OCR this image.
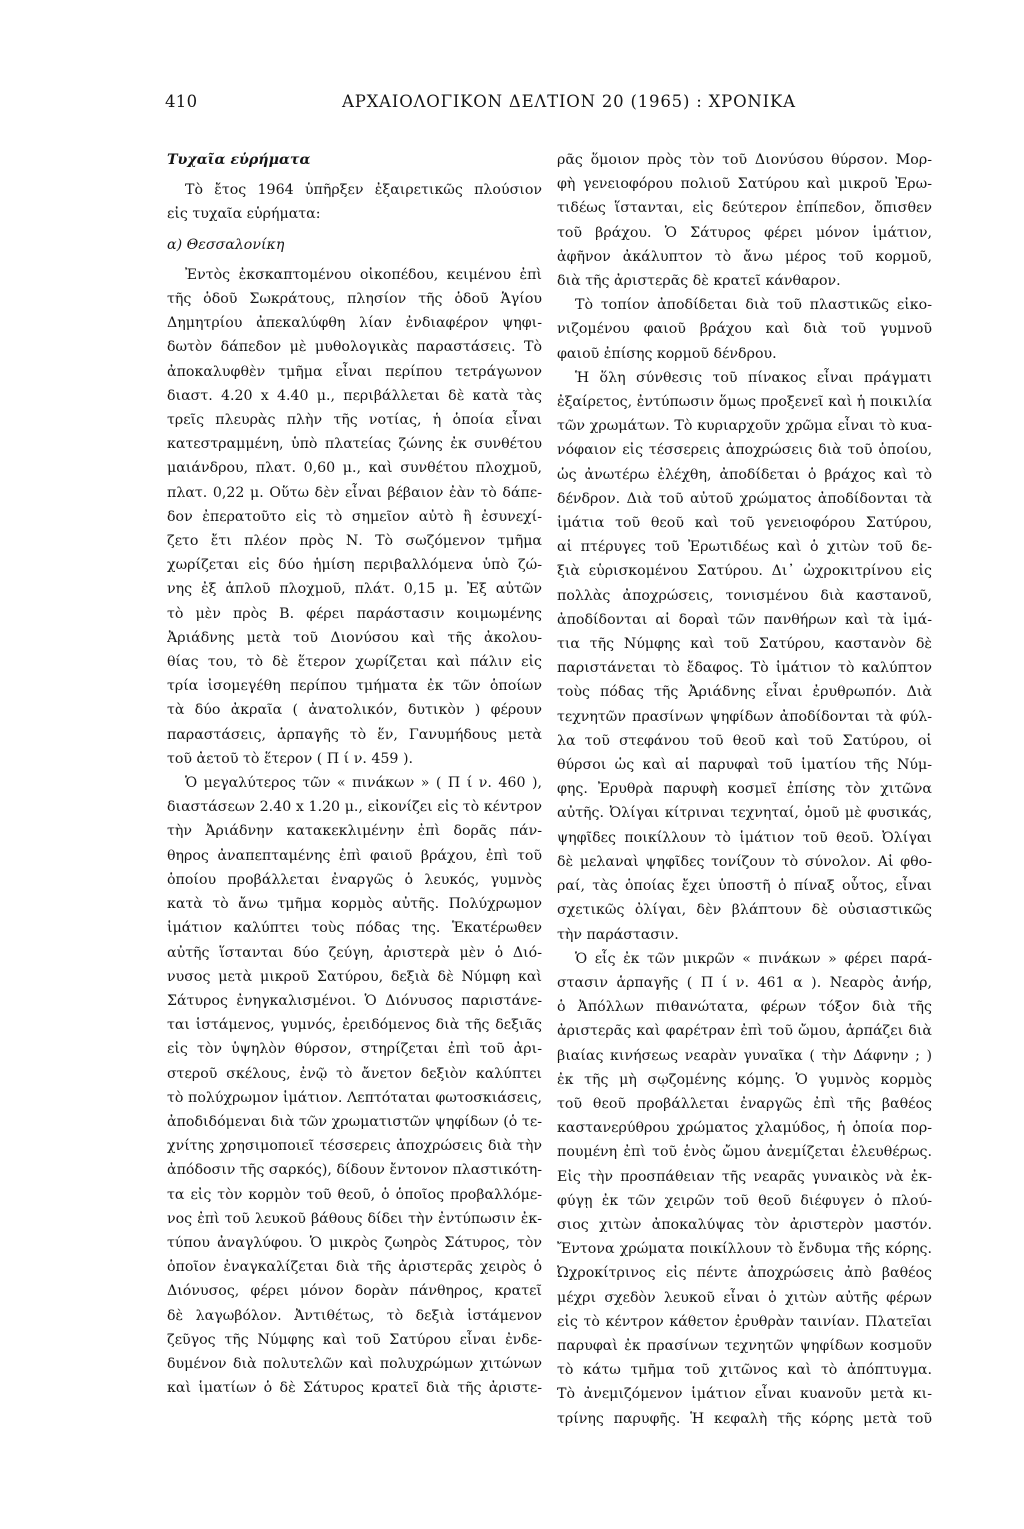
410	ΑΡΧΑΙΟΛΟΓΙΚΟΝ ΔΕΛΤΙΟΝ 20 (1965) : ΧΡΟΝΙΚΑ

Τυχαῖα εὑρήματα

Τὸ ἔτος 1964 ὑπῆρξεν ἐξαιρετικῶς πλούσιον

εἰς τυχαῖα εὑρήματα:

α) Θεσσαλονίκη

Ἐντὸς ἐκσκαπτομένου οἰκοπέδου, κειμένου ἐπὶ

τῆς ὁδοῦ Σωκράτους, πλησίον τῆς ὁδοῦ Ἁγίου

Δημητρίου ἀπεκαλύφθη λίαν ἐνδιαφέρον ψηφι-

δωτὸν δάπεδον μὲ μυθολογικὰς παραστάσεις. Τὸ

ἀποκαλυφθὲν τμῆμα εἶναι περίπου τετράγωνον

διαστ. 4.20 x 4.40 μ., περιβάλλεται δὲ κατὰ τὰς

τρεῖς πλευρὰς πλὴν τῆς νοτίας, ἡ ὁποία εἶναι

κατεστραμμένη, ὑπὸ πλατείας ζώνης ἐκ συνθέτου

μαιάνδρου, πλατ. 0,60 μ., καὶ συνθέτου πλοχμοῦ,

πλατ. 0,22 μ. Οὕτω δὲν εἶναι βέβαιον ἐὰν τὸ δάπε-

δον ἐπερατοῦτο εἰς τὸ σημεῖον αὐτὸ ἢ ἐσυνεχί-

ζετο ἔτι πλέον πρὸς Ν. Τὸ σωζόμενον τμῆμα

χωρίζεται εἰς δύο ἡμίση περιβαλλόμενα ὑπὸ ζώ-

νης ἐξ ἁπλοῦ πλοχμοῦ, πλάτ. 0,15 μ. Ἐξ αὐτῶν

τὸ μὲν πρὸς Β. φέρει παράστασιν κοιμωμένης

Ἀριάδνης μετὰ τοῦ Διονύσου καὶ τῆς ἀκολου-

θίας του, τὸ δὲ ἕτερον χωρίζεται καὶ πάλιν εἰς

τρία ἰσομεγέθη περίπου τμήματα ἐκ τῶν ὁποίων

τὰ δύο ἀκραῖα ( ἀνατολικόν, δυτικὸν ) φέρουν

παραστάσεις, ἁρπαγῆς τὸ ἕν, Γανυμήδους μετὰ

τοῦ ἀετοῦ τὸ ἕτερον ( Π ί ν. 459 ).

Ὁ μεγαλύτερος τῶν « πινάκων » ( Π ί ν. 460 ),

διαστάσεων 2.40 x 1.20 μ., εἰκονίζει εἰς τὸ κέντρον

τὴν Ἀριάδνην κατακεκλιμένην ἐπὶ δορᾶς πάν-

θηρος ἀναπεπταμένης ἐπὶ φαιοῦ βράχου, ἐπὶ τοῦ

ὁποίου προβάλλεται ἐναργῶς ὁ λευκός, γυμνὸς

κατὰ τὸ ἄνω τμῆμα κορμὸς αὐτῆς. Πολύχρωμον

ἱμάτιον καλύπτει τοὺς πόδας της. Ἑκατέρωθεν

αὐτῆς ἵστανται δύο ζεύγη, ἀριστερὰ μὲν ὁ Διό-

νυσος μετὰ μικροῦ Σατύρου, δεξιὰ δὲ Νύμφη καὶ

Σάτυρος ἐνηγκαλισμένοι. Ὁ Διόνυσος παριστάνε-

ται ἱστάμενος, γυμνός, ἐρειδόμενος διὰ τῆς δεξιᾶς

εἰς τὸν ὑψηλὸν θύρσον, στηρίζεται ἐπὶ τοῦ ἀρι-

στεροῦ σκέλους, ἐνῷ τὸ ἄνετον δεξιὸν καλύπτει

τὸ πολύχρωμον ἱμάτιον. Λεπτόταται φωτοσκιάσεις,

ἀποδιδόμεναι διὰ τῶν χρωματιστῶν ψηφίδων (ὁ τε-

χνίτης χρησιμοποιεῖ τέσσερεις ἀποχρώσεις διὰ τὴν

ἀπόδοσιν τῆς σαρκός), δίδουν ἔντονον πλαστικότη-

τα εἰς τὸν κορμὸν τοῦ θεοῦ, ὁ ὁποῖος προβαλλόμε-

νος ἐπὶ τοῦ λευκοῦ βάθους δίδει τὴν ἐντύπωσιν ἐκ-

τύπου ἀναγλύφου. Ὁ μικρὸς ζωηρὸς Σάτυρος, τὸν

ὁποῖον ἐναγκαλίζεται διὰ τῆς ἀριστερᾶς χειρὸς ὁ

Διόνυσος, φέρει μόνον δορὰν πάνθηρος, κρατεῖ

δὲ λαγωβόλον. Ἀντιθέτως, τὸ δεξιὰ ἱστάμενον

ζεῦγος τῆς Νύμφης καὶ τοῦ Σατύρου εἶναι ἐνδε-

δυμένον διὰ πολυτελῶν καὶ πολυχρώμων χιτώνων

καὶ ἱματίων ὁ δὲ Σάτυρος κρατεῖ διὰ τῆς ἀριστε-

ρᾶς ὅμοιον πρὸς τὸν τοῦ Διονύσου θύρσον. Μορ-

φὴ γενειοφόρου πολιοῦ Σατύρου καὶ μικροῦ Ἐρω-

τιδέως ἵστανται, εἰς δεύτερον ἐπίπεδον, ὄπισθεν

τοῦ βράχου. Ὁ Σάτυρος φέρει μόνον ἱμάτιον,

ἀφῆνον ἀκάλυπτον τὸ ἄνω μέρος τοῦ κορμοῦ,

διὰ τῆς ἀριστερᾶς δὲ κρατεῖ κάνθαρον.

Τὸ τοπίον ἀποδίδεται διὰ τοῦ πλαστικῶς εἰκο-

νιζομένου φαιοῦ βράχου καὶ διὰ τοῦ γυμνοῦ

φαιοῦ ἐπίσης κορμοῦ δένδρου.

Ἡ ὅλη σύνθεσις τοῦ πίνακος εἶναι πράγματι

ἐξαίρετος, ἐντύπωσιν ὅμως προξενεῖ καὶ ἡ ποικιλία

τῶν χρωμάτων. Τὸ κυριαρχοῦν χρῶμα εἶναι τὸ κυα-

νόφαιον εἰς τέσσερεις ἀποχρώσεις διὰ τοῦ ὁποίου,

ὡς ἀνωτέρω ἐλέχθη, ἀποδίδεται ὁ βράχος καὶ τὸ

δένδρον. Διὰ τοῦ αὐτοῦ χρώματος ἀποδίδονται τὰ

ἱμάτια τοῦ θεοῦ καὶ τοῦ γενειοφόρου Σατύρου,

αἱ πτέρυγες τοῦ Ἐρωτιδέως καὶ ὁ χιτὼν τοῦ δε-

ξιὰ εὑρισκομένου Σατύρου. Δι᾽ ὠχροκιτρίνου εἰς

πολλὰς ἀποχρώσεις, τονισμένου διὰ καστανοῦ,

ἀποδίδονται αἱ δοραὶ τῶν πανθήρων καὶ τὰ ἱμά-

τια τῆς Νύμφης καὶ τοῦ Σατύρου, καστανὸν δὲ

παριστάνεται τὸ ἔδαφος. Τὸ ἱμάτιον τὸ καλύπτον

τοὺς πόδας τῆς Ἀριάδνης εἶναι ἐρυθρωπόν. Διὰ

τεχνητῶν πρασίνων ψηφίδων ἀποδίδονται τὰ φύλ-

λα τοῦ στεφάνου τοῦ θεοῦ καὶ τοῦ Σατύρου, οἱ

θύρσοι ὡς καὶ αἱ παρυφαὶ τοῦ ἱματίου τῆς Νύμ-

φης. Ἐρυθρὰ παρυφὴ κοσμεῖ ἐπίσης τὸν χιτῶνα

αὐτῆς. Ὀλίγαι κίτριναι τεχνηταί, ὁμοῦ μὲ φυσικάς,

ψηφῖδες ποικίλλουν τὸ ἱμάτιον τοῦ θεοῦ. Ὀλίγαι

δὲ μελαναὶ ψηφῖδες τονίζουν τὸ σύνολον. Αἱ φθο-

ραί, τὰς ὁποίας ἔχει ὑποστῆ ὁ πίναξ οὗτος, εἶναι

σχετικῶς ὀλίγαι, δὲν βλάπτουν δὲ οὐσιαστικῶς

τὴν παράστασιν.

Ὁ εἷς ἐκ τῶν μικρῶν « πινάκων » φέρει παρά-

στασιν ἁρπαγῆς ( Π ί ν. 461 α ). Νεαρὸς ἀνήρ,

ὁ Ἀπόλλων πιθανώτατα, φέρων τόξον διὰ τῆς

ἀριστερᾶς καὶ φαρέτραν ἐπὶ τοῦ ὤμου, ἁρπάζει διὰ

βιαίας κινήσεως νεαρὰν γυναῖκα ( τὴν Δάφνην ; )

ἐκ τῆς μὴ σῳζομένης κόμης. Ὁ γυμνὸς κορμὸς

τοῦ θεοῦ προβάλλεται ἐναργῶς ἐπὶ τῆς βαθέος

καστανερύθρου χρώματος χλαμύδος, ἡ ὁποία πορ-

πουμένη ἐπὶ τοῦ ἑνὸς ὤμου ἀνεμίζεται ἐλευθέρως.

Εἰς τὴν προσπάθειαν τῆς νεαρᾶς γυναικὸς νὰ ἐκ-

φύγῃ ἐκ τῶν χειρῶν τοῦ θεοῦ διέφυγεν ὁ πλού-

σιος χιτὼν ἀποκαλύψας τὸν ἀριστερὸν μαστόν.

Ἔντονα χρώματα ποικίλλουν τὸ ἔνδυμα τῆς κόρης.

Ὠχροκίτρινος εἰς πέντε ἀποχρώσεις ἀπὸ βαθέος

μέχρι σχεδὸν λευκοῦ εἶναι ὁ χιτὼν αὐτῆς φέρων

εἰς τὸ κέντρον κάθετον ἐρυθρὰν ταινίαν. Πλατεῖαι

παρυφαὶ ἐκ πρασίνων τεχνητῶν ψηφίδων κοσμοῦν

τὸ κάτω τμῆμα τοῦ χιτῶνος καὶ τὸ ἀπόπτυγμα.

Τὸ ἀνεμιζόμενον ἱμάτιον εἶναι κυανοῦν μετὰ κι-

τρίνης παρυφῆς. Ἡ κεφαλὴ τῆς κόρης μετὰ τοῦ
